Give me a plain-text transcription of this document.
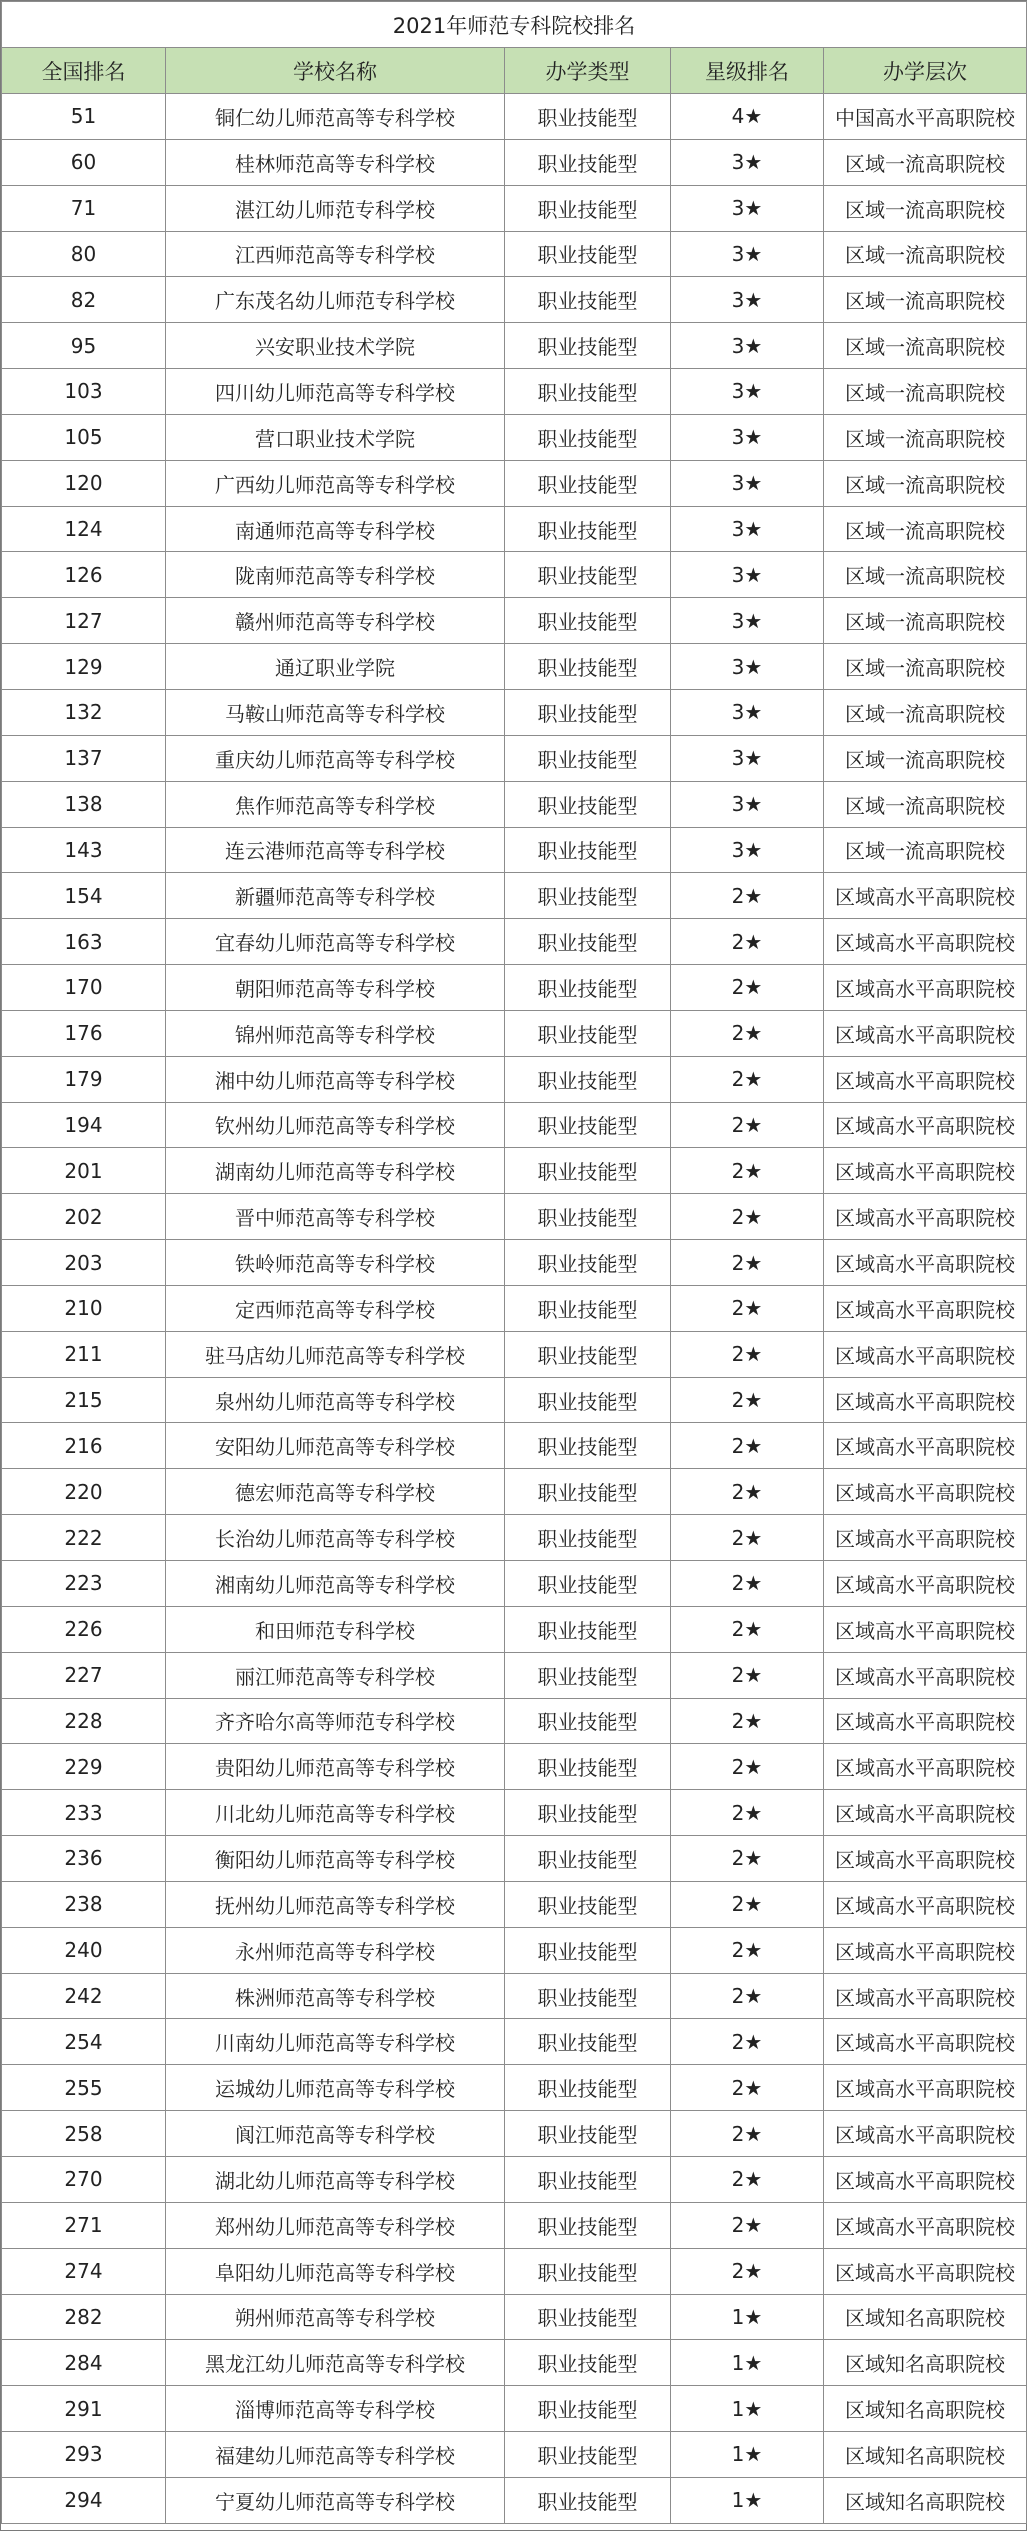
2021年师范专科院校排名				
全国排名	学校名称	办学类型	星级排名	办学层次
51	铜仁幼儿师范高等专科学校	职业技能型	4★	中国高水平高职院校
60	桂林师范高等专科学校	职业技能型	3★	区域一流高职院校
71	湛江幼儿师范专科学校	职业技能型	3★	区域一流高职院校
80	江西师范高等专科学校	职业技能型	3★	区域一流高职院校
82	广东茂名幼儿师范专科学校	职业技能型	3★	区域一流高职院校
95	兴安职业技术学院	职业技能型	3★	区域一流高职院校
103	四川幼儿师范高等专科学校	职业技能型	3★	区域一流高职院校
105	营口职业技术学院	职业技能型	3★	区域一流高职院校
120	广西幼儿师范高等专科学校	职业技能型	3★	区域一流高职院校
124	南通师范高等专科学校	职业技能型	3★	区域一流高职院校
126	陇南师范高等专科学校	职业技能型	3★	区域一流高职院校
127	赣州师范高等专科学校	职业技能型	3★	区域一流高职院校
129	通辽职业学院	职业技能型	3★	区域一流高职院校
132	马鞍山师范高等专科学校	职业技能型	3★	区域一流高职院校
137	重庆幼儿师范高等专科学校	职业技能型	3★	区域一流高职院校
138	焦作师范高等专科学校	职业技能型	3★	区域一流高职院校
143	连云港师范高等专科学校	职业技能型	3★	区域一流高职院校
154	新疆师范高等专科学校	职业技能型	2★	区域高水平高职院校
163	宜春幼儿师范高等专科学校	职业技能型	2★	区域高水平高职院校
170	朝阳师范高等专科学校	职业技能型	2★	区域高水平高职院校
176	锦州师范高等专科学校	职业技能型	2★	区域高水平高职院校
179	湘中幼儿师范高等专科学校	职业技能型	2★	区域高水平高职院校
194	钦州幼儿师范高等专科学校	职业技能型	2★	区域高水平高职院校
201	湖南幼儿师范高等专科学校	职业技能型	2★	区域高水平高职院校
202	晋中师范高等专科学校	职业技能型	2★	区域高水平高职院校
203	铁岭师范高等专科学校	职业技能型	2★	区域高水平高职院校
210	定西师范高等专科学校	职业技能型	2★	区域高水平高职院校
211	驻马店幼儿师范高等专科学校	职业技能型	2★	区域高水平高职院校
215	泉州幼儿师范高等专科学校	职业技能型	2★	区域高水平高职院校
216	安阳幼儿师范高等专科学校	职业技能型	2★	区域高水平高职院校
220	德宏师范高等专科学校	职业技能型	2★	区域高水平高职院校
222	长治幼儿师范高等专科学校	职业技能型	2★	区域高水平高职院校
223	湘南幼儿师范高等专科学校	职业技能型	2★	区域高水平高职院校
226	和田师范专科学校	职业技能型	2★	区域高水平高职院校
227	丽江师范高等专科学校	职业技能型	2★	区域高水平高职院校
228	齐齐哈尔高等师范专科学校	职业技能型	2★	区域高水平高职院校
229	贵阳幼儿师范高等专科学校	职业技能型	2★	区域高水平高职院校
233	川北幼儿师范高等专科学校	职业技能型	2★	区域高水平高职院校
236	衡阳幼儿师范高等专科学校	职业技能型	2★	区域高水平高职院校
238	抚州幼儿师范高等专科学校	职业技能型	2★	区域高水平高职院校
240	永州师范高等专科学校	职业技能型	2★	区域高水平高职院校
242	株洲师范高等专科学校	职业技能型	2★	区域高水平高职院校
254	川南幼儿师范高等专科学校	职业技能型	2★	区域高水平高职院校
255	运城幼儿师范高等专科学校	职业技能型	2★	区域高水平高职院校
258	阆江师范高等专科学校	职业技能型	2★	区域高水平高职院校
270	湖北幼儿师范高等专科学校	职业技能型	2★	区域高水平高职院校
271	郑州幼儿师范高等专科学校	职业技能型	2★	区域高水平高职院校
274	阜阳幼儿师范高等专科学校	职业技能型	2★	区域高水平高职院校
282	朔州师范高等专科学校	职业技能型	1★	区域知名高职院校
284	黑龙江幼儿师范高等专科学校	职业技能型	1★	区域知名高职院校
291	淄博师范高等专科学校	职业技能型	1★	区域知名高职院校
293	福建幼儿师范高等专科学校	职业技能型	1★	区域知名高职院校
294	宁夏幼儿师范高等专科学校	职业技能型	1★	区域知名高职院校
